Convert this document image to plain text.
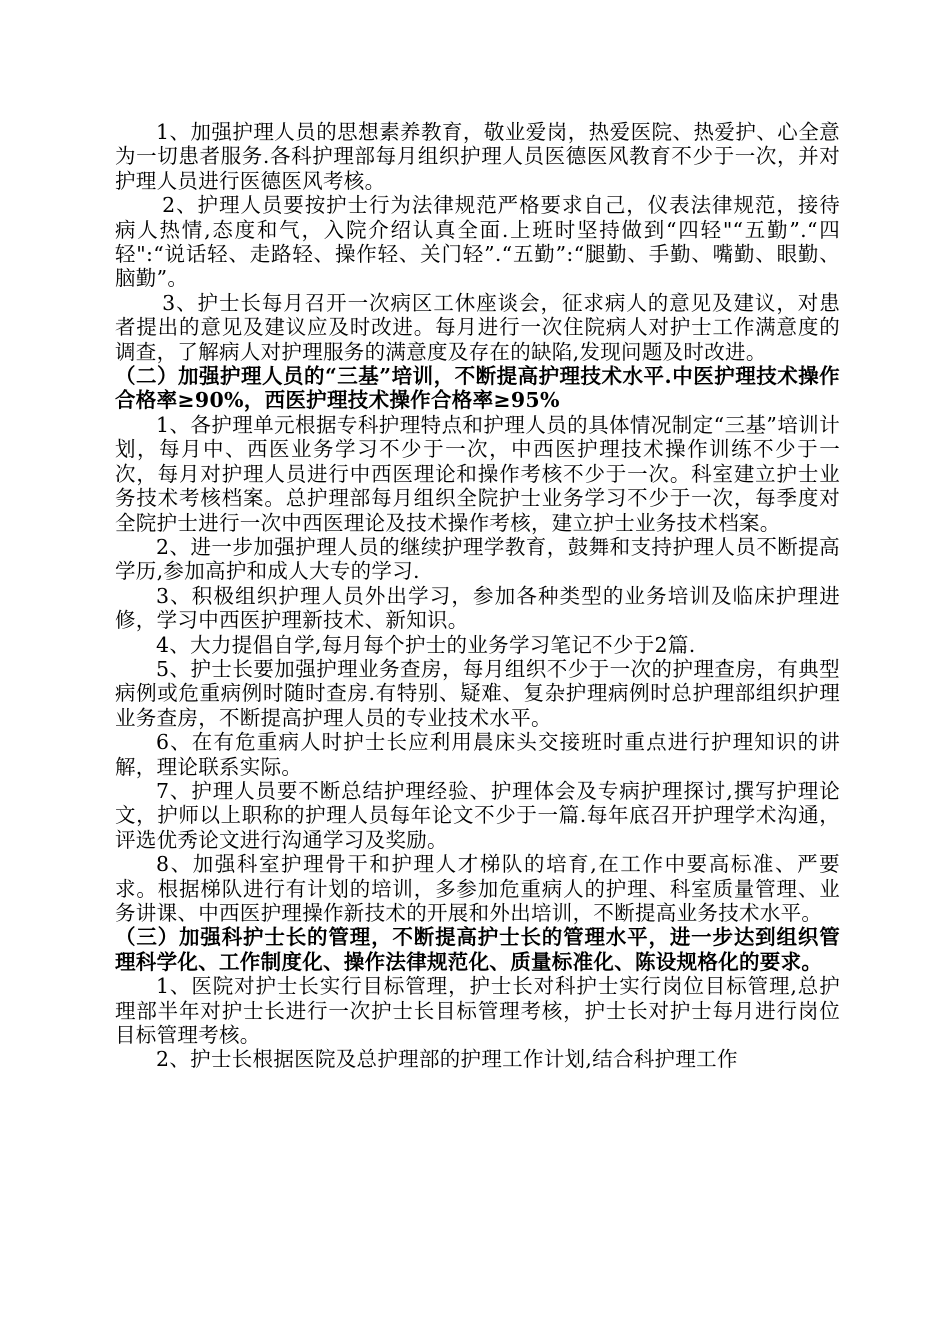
1、加强护理人员的思想素养教育，敬业爱岗，热爱医院、热爱护、心全意为一切患者服务.各科护理部每月组织护理人员医德医风教育不少于一次，并对护理人员进行医德医风考核。

2、护理人员要按护士行为法律规范严格要求自己，仪表法律规范，接待病人热情,态度和气，入院介绍认真全面.上班时坚持做到“四轻"“五勤”.“四轻":“说话轻、走路轻、操作轻、关门轻”.“五勤”:“腿勤、手勤、嘴勤、眼勤、脑勤”。

3、护士长每月召开一次病区工休座谈会，征求病人的意见及建议，对患者提出的意见及建议应及时改进。每月进行一次住院病人对护士工作满意度的调查，了解病人对护理服务的满意度及存在的缺陷,发现问题及时改进。

（二）加强护理人员的“三基”培训，不断提高护理技术水平.中医护理技术操作合格率≥90%，西医护理技术操作合格率≥95%

1、各护理单元根据专科护理特点和护理人员的具体情况制定“三基”培训计划，每月中、西医业务学习不少于一次，中西医护理技术操作训练不少于一次，每月对护理人员进行中西医理论和操作考核不少于一次。科室建立护士业务技术考核档案。总护理部每月组织全院护士业务学习不少于一次，每季度对全院护士进行一次中西医理论及技术操作考核，建立护士业务技术档案。

2、进一步加强护理人员的继续护理学教育，鼓舞和支持护理人员不断提高学历,参加高护和成人大专的学习.

3、积极组织护理人员外出学习，参加各种类型的业务培训及临床护理进修，学习中西医护理新技术、新知识。

4、大力提倡自学,每月每个护士的业务学习笔记不少于2篇.

5、护士长要加强护理业务查房，每月组织不少于一次的护理查房，有典型病例或危重病例时随时查房.有特别、疑难、复杂护理病例时总护理部组织护理业务查房，不断提高护理人员的专业技术水平。

6、在有危重病人时护士长应利用晨床头交接班时重点进行护理知识的讲解，理论联系实际。

7、护理人员要不断总结护理经验、护理体会及专病护理探讨,撰写护理论文，护师以上职称的护理人员每年论文不少于一篇.每年底召开护理学术沟通，评选优秀论文进行沟通学习及奖励。

8、加强科室护理骨干和护理人才梯队的培育,在工作中要高标准、严要求。根据梯队进行有计划的培训，多参加危重病人的护理、科室质量管理、业务讲课、中西医护理操作新技术的开展和外出培训，不断提高业务技术水平。

（三）加强科护士长的管理，不断提高护士长的管理水平，进一步达到组织管理科学化、工作制度化、操作法律规范化、质量标准化、陈设规格化的要求。

1、医院对护士长实行目标管理，护士长对科护士实行岗位目标管理,总护理部半年对护士长进行一次护士长目标管理考核，护士长对护士每月进行岗位目标管理考核。

2、护士长根据医院及总护理部的护理工作计划,结合科护理工作
